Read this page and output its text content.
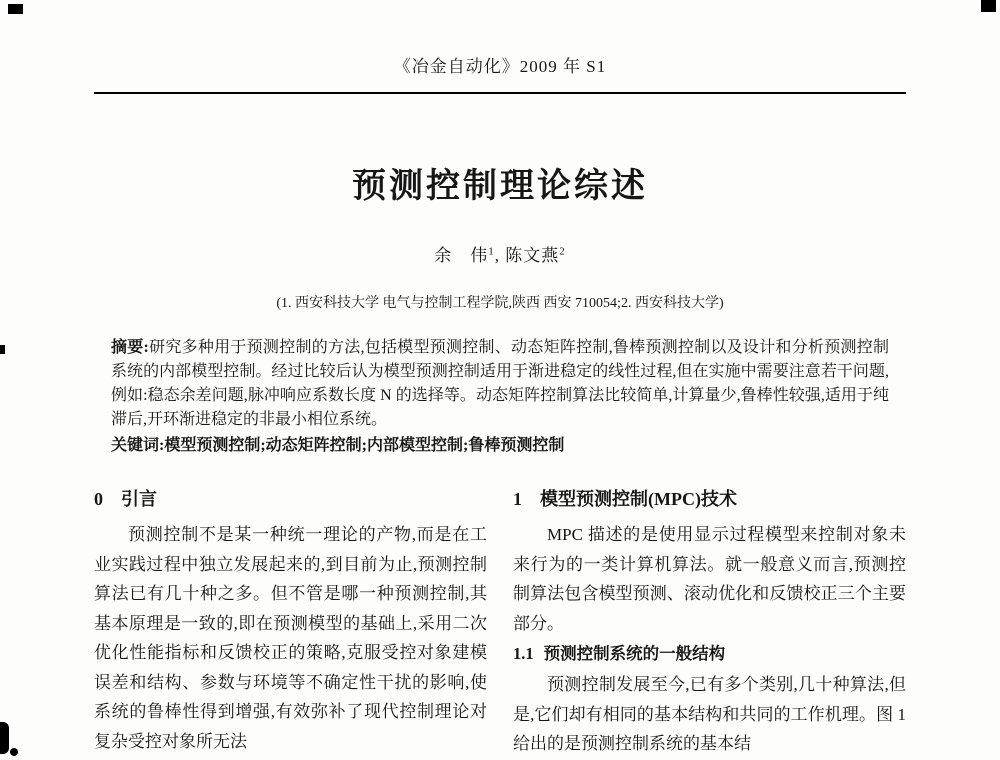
《冶金自动化》2009 年 S1
预测控制理论综述
余　伟$^1$, 陈文燕$^2$
(1. 西安科技大学 电气与控制工程学院,陕西 西安 710054;2. 西安科技大学)
摘要:研究多种用于预测控制的方法,包括模型预测控制、动态矩阵控制,鲁棒预测控制以及设计和分析预测控制系统的内部模型控制。经过比较后认为模型预测控制适用于渐进稳定的线性过程,但在实施中需要注意若干问题,例如:稳态余差问题,脉冲响应系数长度 N 的选择等。动态矩阵控制算法比较简单,计算量少,鲁棒性较强,适用于纯滞后,开环渐进稳定的非最小相位系统。
关键词:模型预测控制;动态矩阵控制;内部模型控制;鲁棒预测控制
0 引言

预测控制不是某一种统一理论的产物,而是在工业实践过程中独立发展起来的,到目前为止,预测控制算法已有几十种之多。但不管是哪一种预测控制,其基本原理是一致的,即在预测模型的基础上,采用二次优化性能指标和反馈校正的策略,克服受控对象建模误差和结构、参数与环境等不确定性干扰的影响,使系统的鲁棒性得到增强,有效弥补了现代控制理论对复杂受控对象所无法

1 模型预测控制(MPC)技术

MPC 描述的是使用显示过程模型来控制对象未来行为的一类计算机算法。就一般意义而言,预测控制算法包含模型预测、滚动优化和反馈校正三个主要部分。

1.1 预测控制系统的一般结构

预测控制发展至今,已有多个类别,几十种算法,但是,它们却有相同的基本结构和共同的工作机理。图 1 给出的是预测控制系统的基本结
